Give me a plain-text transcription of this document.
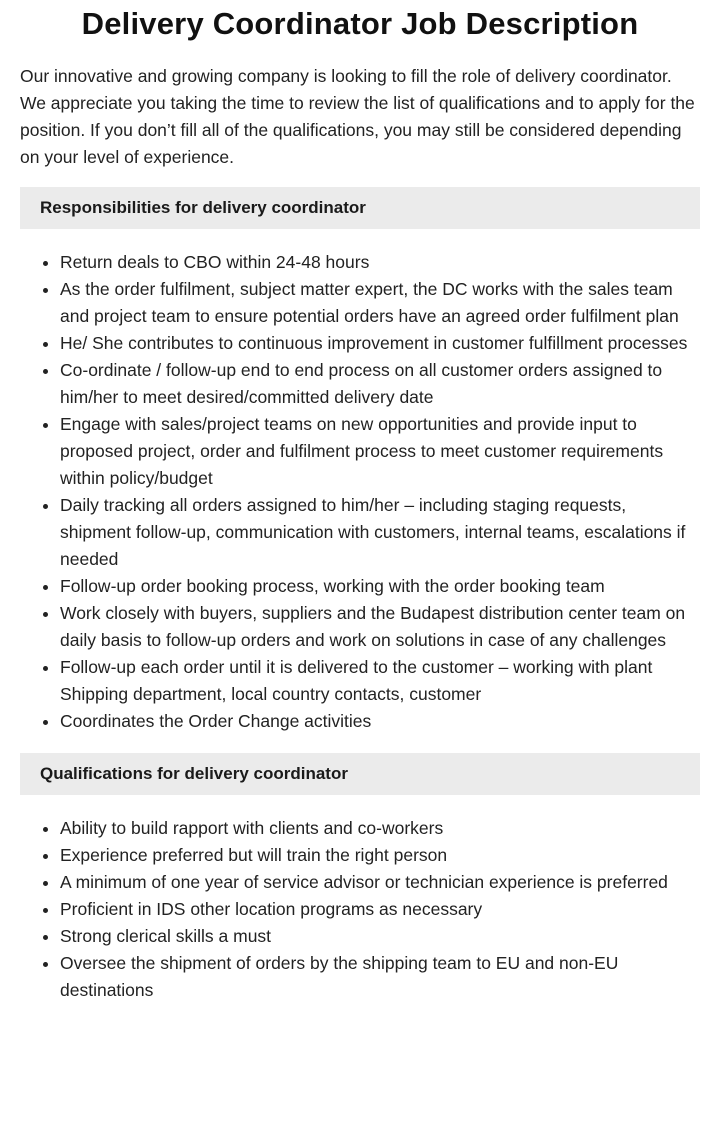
Delivery Coordinator Job Description

Our innovative and growing company is looking to fill the role of delivery coordinator. We appreciate you taking the time to review the list of qualifications and to apply for the position. If you don’t fill all of the qualifications, you may still be considered depending on your level of experience.

Responsibilities for delivery coordinator
• Return deals to CBO within 24-48 hours
• As the order fulfilment, subject matter expert, the DC works with the sales team and project team to ensure potential orders have an agreed order fulfilment plan
• He/ She contributes to continuous improvement in customer fulfillment processes
• Co-ordinate / follow-up end to end process on all customer orders assigned to him/her to meet desired/committed delivery date
• Engage with sales/project teams on new opportunities and provide input to proposed project, order and fulfilment process to meet customer requirements within policy/budget
• Daily tracking all orders assigned to him/her – including staging requests, shipment follow-up, communication with customers, internal teams, escalations if needed
• Follow-up order booking process, working with the order booking team
• Work closely with buyers, suppliers and the Budapest distribution center team on daily basis to follow-up orders and work on solutions in case of any challenges
• Follow-up each order until it is delivered to the customer – working with plant Shipping department, local country contacts, customer
• Coordinates the Order Change activities
Qualifications for delivery coordinator
• Ability to build rapport with clients and co-workers
• Experience preferred but will train the right person
• A minimum of one year of service advisor or technician experience is preferred
• Proficient in IDS other location programs as necessary
• Strong clerical skills a must
• Oversee the shipment of orders by the shipping team to EU and non-EU destinations
